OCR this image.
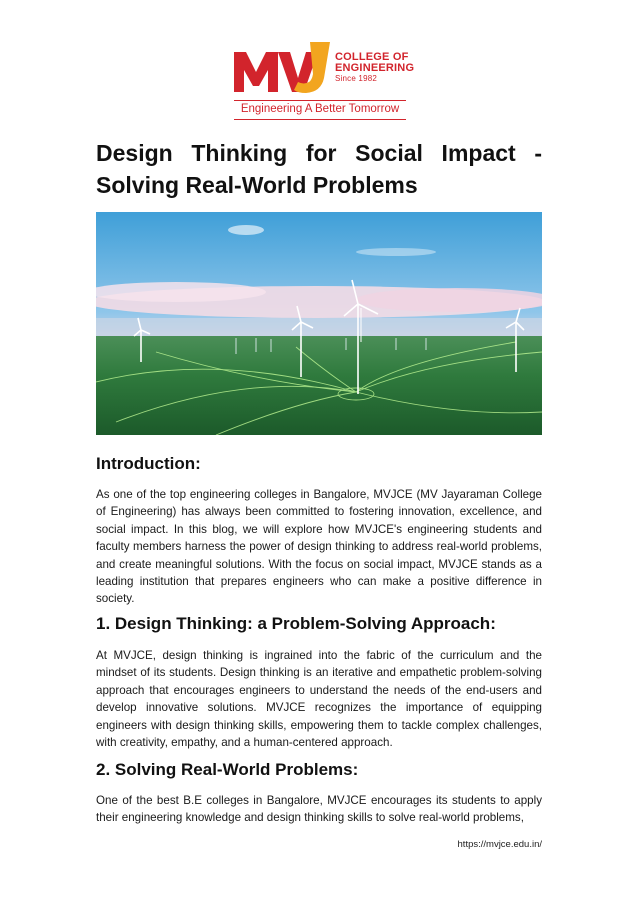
COLLEGE OF
ENGINEERING
Since 1982
Engineering A Better Tomorrow
Design Thinking for Social Impact - Solving Real-World Problems
Introduction:

As one of the top engineering colleges in Bangalore, MVJCE (MV Jayaraman College of Engineering) has always been committed to fostering innovation, excellence, and social impact. In this blog, we will explore how MVJCE's engineering students and faculty members harness the power of design thinking to address real-world problems, and create meaningful solutions. With the focus on social impact, MVJCE stands as a leading institution that prepares engineers who can make a positive difference in society.

1. Design Thinking: a Problem-Solving Approach:

At MVJCE, design thinking is ingrained into the fabric of the curriculum and the mindset of its students. Design thinking is an iterative and empathetic problem-solving approach that encourages engineers to understand the needs of the end-users and develop innovative solutions. MVJCE recognizes the importance of equipping engineers with design thinking skills, empowering them to tackle complex challenges, with creativity, empathy, and a human-centered approach.

2. Solving Real-World Problems:

One of the best B.E colleges in Bangalore, MVJCE encourages its students to apply their engineering knowledge and design thinking skills to solve real-world problems,

https://mvjce.edu.in/
